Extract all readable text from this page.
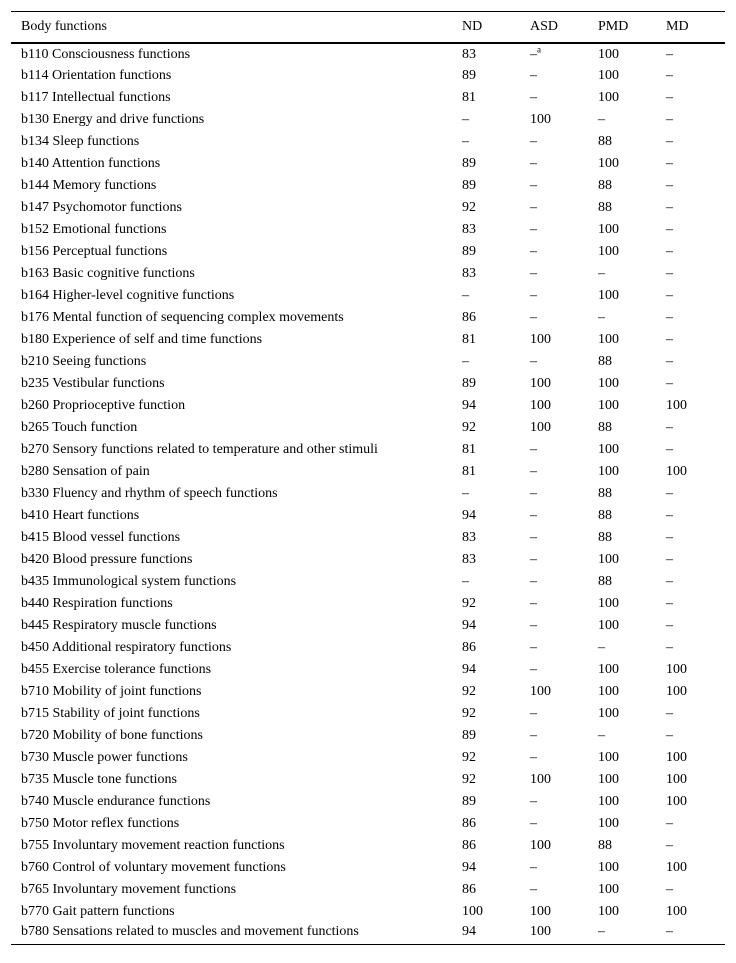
Body functions	ND	ASD	PMD	MD
b110 Consciousness functions	83	–$^a$	100	–
b114 Orientation functions	89	–	100	–
b117 Intellectual functions	81	–	100	–
b130 Energy and drive functions	–	100	–	–
b134 Sleep functions	–	–	88	–
b140 Attention functions	89	–	100	–
b144 Memory functions	89	–	88	–
b147 Psychomotor functions	92	–	88	–
b152 Emotional functions	83	–	100	–
b156 Perceptual functions	89	–	100	–
b163 Basic cognitive functions	83	–	–	–
b164 Higher-level cognitive functions	–	–	100	–
b176 Mental function of sequencing complex movements	86	–	–	–
b180 Experience of self and time functions	81	100	100	–
b210 Seeing functions	–	–	88	–
b235 Vestibular functions	89	100	100	–
b260 Proprioceptive function	94	100	100	100
b265 Touch function	92	100	88	–
b270 Sensory functions related to temperature and other stimuli	81	–	100	–
b280 Sensation of pain	81	–	100	100
b330 Fluency and rhythm of speech functions	–	–	88	–
b410 Heart functions	94	–	88	–
b415 Blood vessel functions	83	–	88	–
b420 Blood pressure functions	83	–	100	–
b435 Immunological system functions	–	–	88	–
b440 Respiration functions	92	–	100	–
b445 Respiratory muscle functions	94	–	100	–
b450 Additional respiratory functions	86	–	–	–
b455 Exercise tolerance functions	94	–	100	100
b710 Mobility of joint functions	92	100	100	100
b715 Stability of joint functions	92	–	100	–
b720 Mobility of bone functions	89	–	–	–
b730 Muscle power functions	92	–	100	100
b735 Muscle tone functions	92	100	100	100
b740 Muscle endurance functions	89	–	100	100
b750 Motor reflex functions	86	–	100	–
b755 Involuntary movement reaction functions	86	100	88	–
b760 Control of voluntary movement functions	94	–	100	100
b765 Involuntary movement functions	86	–	100	–
b770 Gait pattern functions	100	100	100	100
b780 Sensations related to muscles and movement functions	94	100	–	–
